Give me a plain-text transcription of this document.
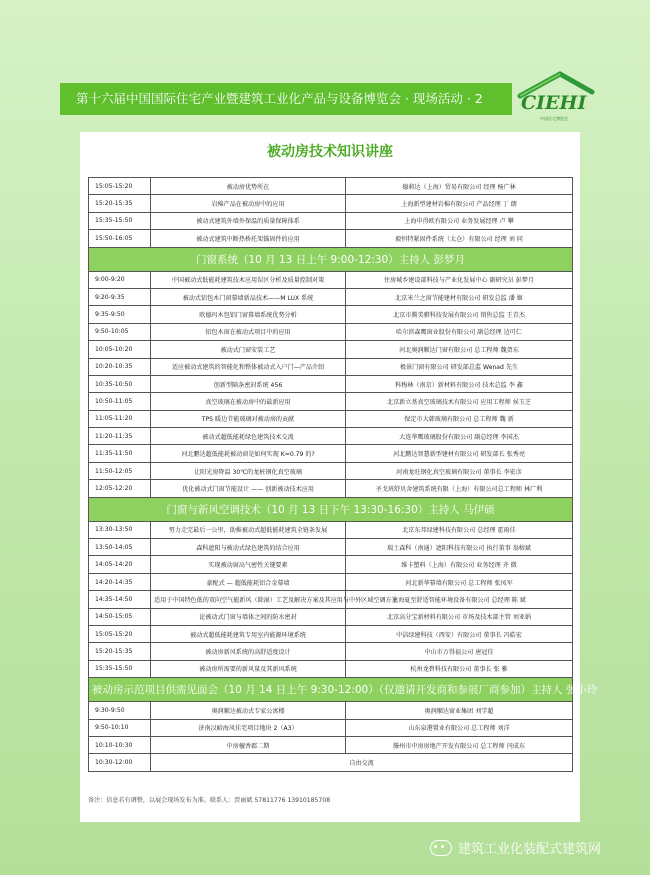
第十六届中国国际住宅产业暨建筑工业化产品与设备博览会 · 现场活动 · 2	CIEHI
中国住宅博览会
被动房技术知识讲座
15:05-15:20	被动房优势所在	德莉达（上海）贸易有限公司 经理 杨广林
15:20-15:35	岩棉产品在被动房中的应用	上海新型建材岩棉有限公司 产品经理 丁 朗
15:35-15:50	被动式建筑外墙外保温的质量保障体系	上海申得欧有限公司 业务发展经理 卢 攀
15:50-16:05	被动式建筑中断热桥托架锚固件的应用	毅恒特紧固件系统（太仓）有限公司 经理 刘 同
门窗系统（10 月 13 日上午 9:00-12:30）主持人 彭梦月		
9:00-9:20	中国被动式低能耗建筑技术应用误区分析及质量控制对策	住房城乡建设部科技与产业化发展中心 副研究员 彭梦月
9:20-9:35	被动式铝包木门窗幕墙新品技术——M LUX 系统	北京米兰之窗节能建材有限公司 研发总监 潘 姬
9:35-9:50	欧德玛木包铝门窗幕墙系统优势分析	北京市腾美骐科技发展有限公司 销售总监 王青杰
9:50-10:05	铝包木窗在被动式项目中的应用	哈尔滨森鹰窗业股份有限公司 副总经理 边可仁
10:05-10:20	被动式门窗安装工艺	河北奥润顺达门窗有限公司 总工程师 魏贺东
10:20-10:35	适应被动式建筑的智能化和整体被动式入户门—产品介绍	极景门窗有限公司 研发部总监 Wenad 先生
10:35-10:50	创新型隔条密封系统 456	科梅林（南京）新材料有限公司 技术总监 李 鑫
10:50-11:05	真空玻璃在被动房中的最新应用	北京新立基真空玻璃技术有限公司 应用工程师 侯玉芝
11:05-11:20	TPS 暖边节能玻璃对被动房的贡献	保定市大韩玻璃有限公司 总工程师 魏 新
11:20-11:35	被动式超低能耗绿色建筑技术交流	大连华鹰玻璃股份有限公司 副总经理 李国杰
11:35-11:50	河北鹏达超低能耗被动窗是如何实现 K=0.79 的?	河北鹏达智慧新型建材有限公司 研发部长 张秀亮
11:50-12:05	让阳光房降温 30℃的龙桩钢化真空玻璃	河南龙旺钢化真空玻璃有限公司 董事长 李宏彦
12:05-12:20	优化被动式门窗节能设计 —— 创新被动技术应用	圣戈班舒贝舍建筑系统有限（上海）有限公司总工程师 林广利
门窗与新风空调技术（10 月 13 日下午 13:30-16:30）主持人 马伊硕		
13:30-13:50	努力走完最后一公里，助推被动式超低能耗建筑全链条发展	北京东邦绿建科技有限公司 总经理 霍雨佳
13:50-14:05	森科遮阳与被动式绿色建筑的结合应用	瑞士森科（南通）遮阳科技有限公司 执行董事 翁榕斌
14:05-14:20	实现被动窗高气密性关键要素	维卡塑料（上海）有限公司 业务经理 齐 微
14:20-14:35	豪配式 — 超低能耗铝合金幕墙	河北新华幕墙有限公司 总工程师 张凤军
14:35-14:50	适用于中国特色低的双向空气能新风（除湿）工艺及解决方案及其应用与中外区域空调方案	上海夏至舒适智能环境设备有限公司 总经理 陈 斌
14:50-15:05	论被动式门窗与墙体之间的防水密封	北京高分宝新材料有限公司 市场及技术部主管 刘亚娟
15:05-15:20	被动式超低能耗建筑专用室内能源环境系统	中洁绿建科技（西安）有限公司 董事长 冯皓宏
15:20-15:35	被动房新风系统的高舒适度设计	中山市万得福公司 唐冠佳
15:35-15:50	被动房所需要的新风量及其新风系统	杭州龙碧科技有限公司 董事长 张 雅
被动房示范项目供需见面会（10 月 14 日上午 9:30-12:00）（仅邀请开发商和参展厂商参加）主持人 张小玲		
9:30-9:50	奥润顺达被动式专家公寓楼	奥润顺达窗业集团 刘学超
9:50-10:10	济南汉峪海风佳宅项目地块 2（A3）	山东泉港置业有限公司 总工程师 刘洋
10:10-10:30	中房檀香郡二期	滕州市中房房地产开发有限公司 总工程师 闫成东
10:30-12:00	自由交流	
备注：信息若有调整，以展会现场发布为准。联系人：贾丽斌 57811776 13910185708
建筑工业化装配式建筑网
